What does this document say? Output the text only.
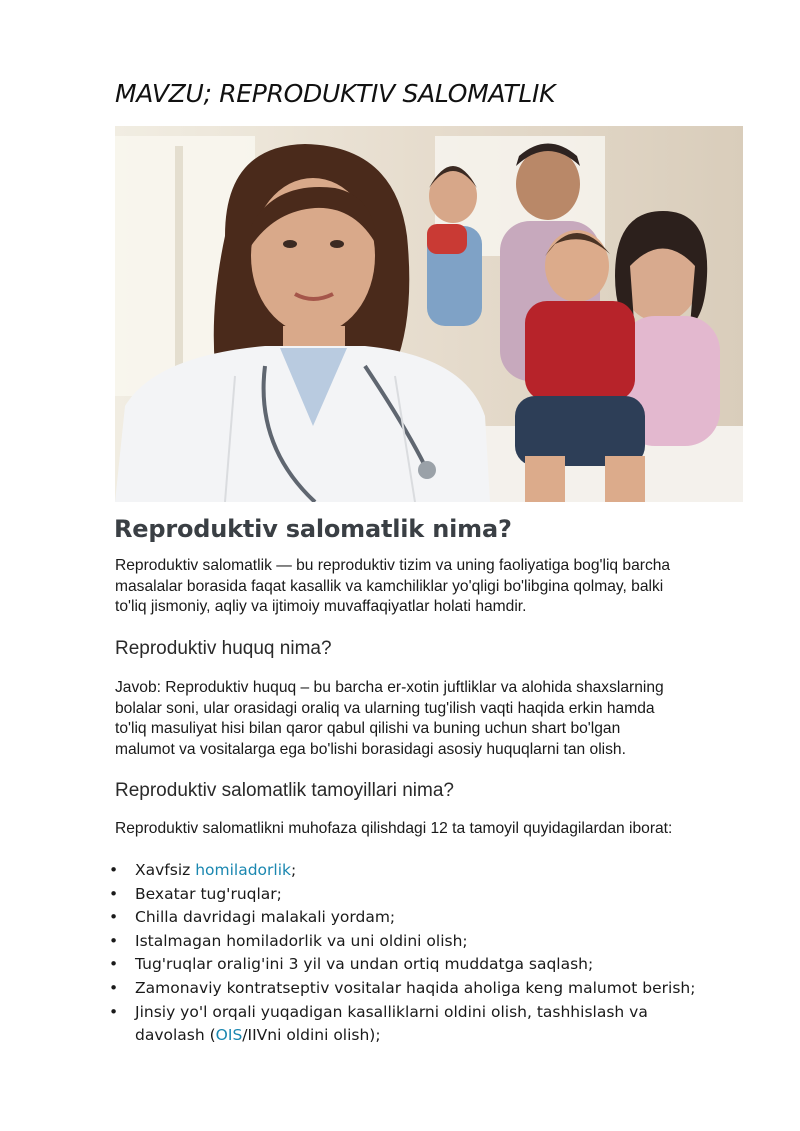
MAVZU; REPRODUKTIV SALOMATLIK
Reproduktiv salomatlik nima?

Reproduktiv salomatlik — bu reproduktiv tizim va uning faoliyatiga bog'liq barcha
masalalar borasida faqat kasallik va kamchiliklar yo'qligi bo'libgina qolmay, balki
to'liq jismoniy, aqliy va ijtimoiy muvaffaqiyatlar holati hamdir.

Reproduktiv huquq nima?

Javob: Reproduktiv huquq – bu barcha er-xotin juftliklar va alohida shaxslarning
bolalar soni, ular orasidagi oraliq va ularning tug'ilish vaqti haqida erkin hamda
to'liq masuliyat hisi bilan qaror qabul qilishi va buning uchun shart bo'lgan
malumot va vositalarga ega bo'lishi borasidagi asosiy huquqlarni tan olish.

Reproduktiv salomatlik tamoyillari nima?

Reproduktiv salomatlikni muhofaza qilishdagi 12 ta tamoyil quyidagilardan iborat:

• Xavfsiz homiladorlik;
• Bexatar tug'ruqlar;
• Chilla davridagi malakali yordam;
• Istalmagan homiladorlik va uni oldini olish;
• Tug'ruqlar oralig'ini 3 yil va undan ortiq muddatga saqlash;
• Zamonaviy kontratseptiv vositalar haqida aholiga keng malumot berish;
• Jinsiy yo'l orqali yuqadigan kasalliklarni oldini olish, tashhislash va
davolash (OIS/IIVni oldini olish);
